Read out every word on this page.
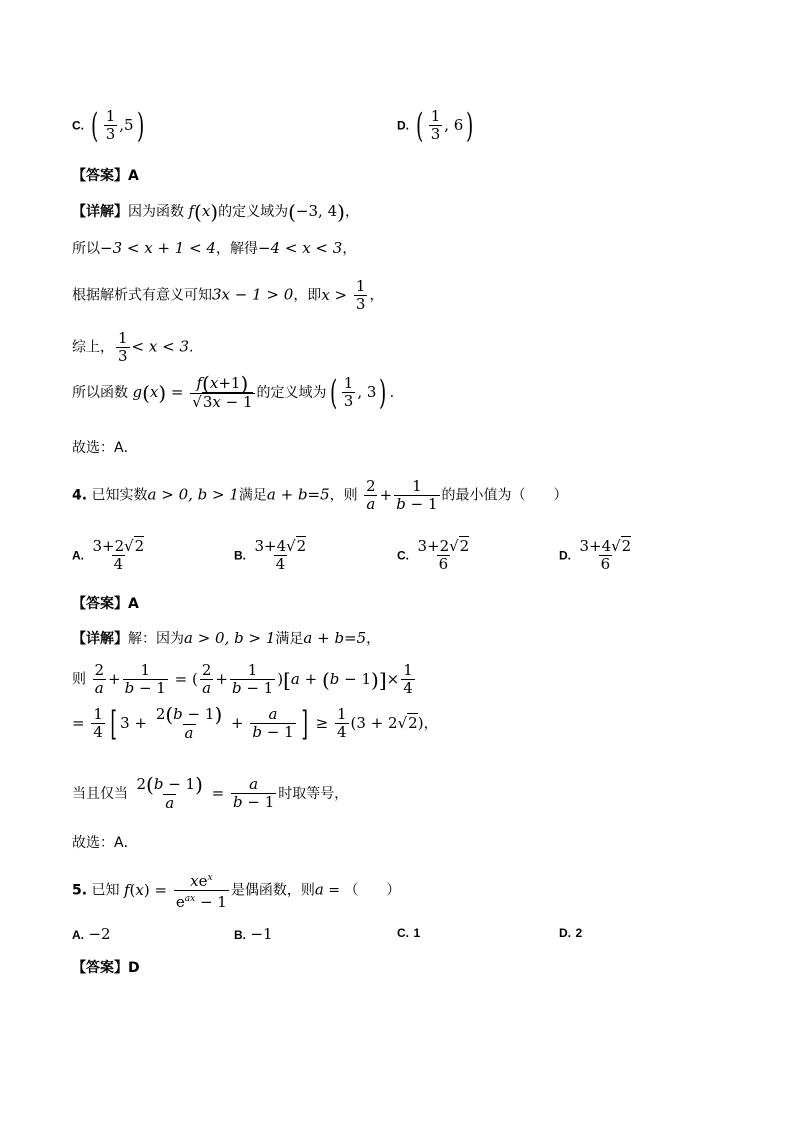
C. ( $\frac{1}{3} ,5$)	D. ( $\frac{1}{3}$ , 6)
【答案】A
【详解】因为函数 f(x)的定义域为(−3, 4)，
所以−3 < x + 1 < 4，解得−4 < x < 3，
根据解析式有意义可知3x − 1 > 0，即$x > \frac{1}{3}$ ，
综上， $\frac{1}{3} < x < 3$.
所以函数 $g(x) = \frac{f(x+1)}{√3x - 1}$ 的定义域为( $\frac{1}{3}$ , 3) .
故选：A．
4. 已知实数a > 0, b > 1满足a + b=5，则 $\frac{2}{a} + \frac{1}{b - 1}$ 的最小值为（　　）
A. $\frac{3+2√2}{4}$	B. $\frac{3+4√2}{4}$	C. $\frac{3+2√2}{6}$	D. $\frac{3+4√2}{6}$
【答案】A
【详解】解：因为a > 0, b > 1满足a + b=5，
则 $\frac{2}{a} + \frac{1}{b - 1}$ = ( $\frac{2}{a} + \frac{1}{b - 1} )[a + (b - 1)]\times \frac{1}{4}$
= $\frac{1}{4}$ [ $3 + \frac{2(b - 1)}{a} + \frac{a}{b - 1}$ ] ≥ $\frac{1}{4} (3 + 2√2)$，
当且仅当 $\frac{2(b - 1)}{a} = \frac{a}{b - 1}$ 时取等号，
故选：A．
5. 已知 $f(x) = \frac{xe^x}{e^{ax} - 1}$ 是偶函数，则a = （　　）
A. −2	B. −1	C. 1	D. 2
【答案】D
